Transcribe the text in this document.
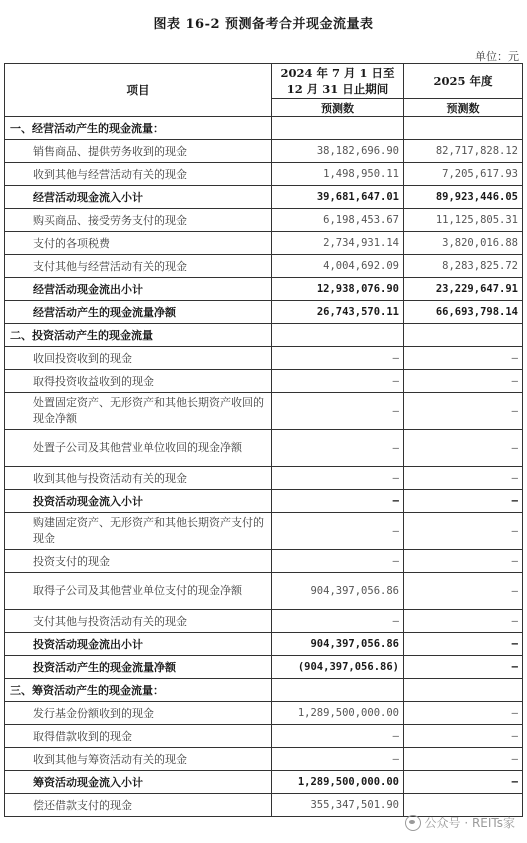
图表 16-2 预测备考合并现金流量表
单位：元
项目	2024 年 7 月 1 日至 12 月 31 日止期间	2025 年度
	预测数	预测数
一、经营活动产生的现金流量：		
销售商品、提供劳务收到的现金	38,182,696.90	82,717,828.12
收到其他与经营活动有关的现金	1,498,950.11	7,205,617.93
经营活动现金流入小计	39,681,647.01	89,923,446.05
购买商品、接受劳务支付的现金	6,198,453.67	11,125,805.31
支付的各项税费	2,734,931.14	3,820,016.88
支付其他与经营活动有关的现金	4,004,692.09	8,283,825.72
经营活动现金流出小计	12,938,076.90	23,229,647.91
经营活动产生的现金流量净额	26,743,570.11	66,693,798.14
二、投资活动产生的现金流量		
收回投资收到的现金	–	–
取得投资收益收到的现金	–	–
处置固定资产、无形资产和其他长期资产收回的现金净额	–	–
处置子公司及其他营业单位收回的现金净额	–	–
收到其他与投资活动有关的现金	–	–
投资活动现金流入小计	–	–
购建固定资产、无形资产和其他长期资产支付的现金	–	–
投资支付的现金	–	–
取得子公司及其他营业单位支付的现金净额	904,397,056.86	–
支付其他与投资活动有关的现金	–	–
投资活动现金流出小计	904,397,056.86	–
投资活动产生的现金流量净额	(904,397,056.86)	–
三、筹资活动产生的现金流量：		
发行基金份额收到的现金	1,289,500,000.00	–
取得借款收到的现金	–	–
收到其他与筹资活动有关的现金	–	–
筹资活动现金流入小计	1,289,500,000.00	–
偿还借款支付的现金	355,347,501.90	
公众号 · REITs家
